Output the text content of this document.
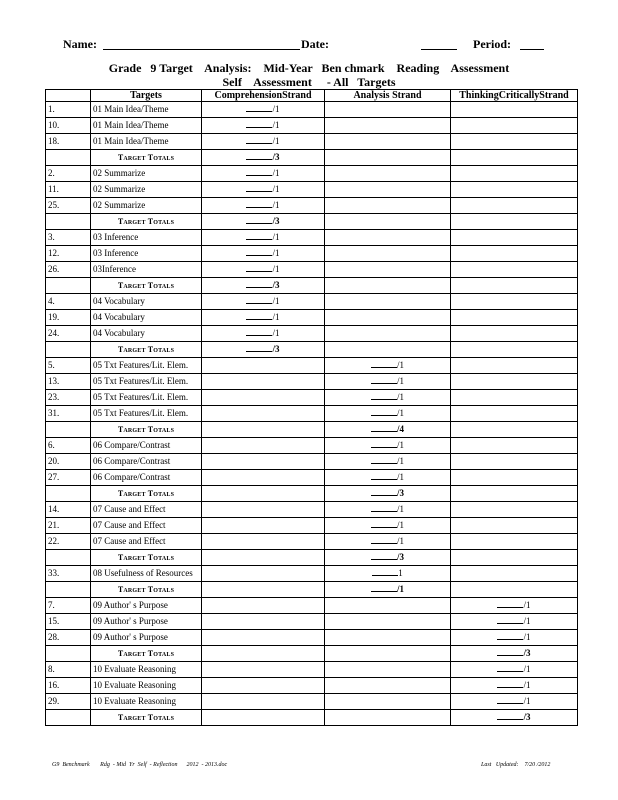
Name:	Date:	Period:
Grade   9 Target    Analysis:    Mid-Year   Ben chmark    Reading    Assessment
Self    Assessment     - All   Targets
	Targets	ComprehensionStrand	Analysis Strand	ThinkingCriticallyStrand
1.	01 Main Idea/Theme	/1		
10.	01 Main Idea/Theme	/1		
18.	01 Main Idea/Theme	/1		
	Target Totals	/3		
2.	02 Summarize	/1		
11.	02 Summarize	/1		
25.	02 Summarize	/1		
	Target Totals	/3		
3.	03 Inference	/1		
12.	03 Inference	/1		
26.	03Inference	/1		
	Target Totals	/3		
4.	04 Vocabulary	/1		
19.	04 Vocabulary	/1		
24.	04 Vocabulary	/1		
	Target Totals	/3		
5.	05 Txt Features/Lit. Elem.		/1	
13.	05 Txt Features/Lit. Elem.		/1	
23.	05 Txt Features/Lit. Elem.		/1	
31.	05 Txt Features/Lit. Elem.		/1	
	Target Totals		/4	
6.	06 Compare/Contrast		/1	
20.	06 Compare/Contrast		/1	
27.	06 Compare/Contrast		/1	
	Target Totals		/3	
14.	07 Cause and Effect		/1	
21.	07 Cause and Effect		/1	
22.	07 Cause and Effect		/1	
	Target Totals		/3	
33.	08 Usefulness of Resources		1	
	Target Totals		/1	
7.	09 Author' s Purpose			/1
15.	09 Author' s Purpose			/1
28.	09 Author' s Purpose			/1
	Target Totals			/3
8.	10 Evaluate Reasoning			/1
16.	10 Evaluate Reasoning			/1
29.	10 Evaluate Reasoning			/1
	Target Totals			/3
G9  Benchmark       Rdg  - Mid  Yr  Self  - Reflection      2012  - 2013.doc	Last   Updated:    7/20 /2012
